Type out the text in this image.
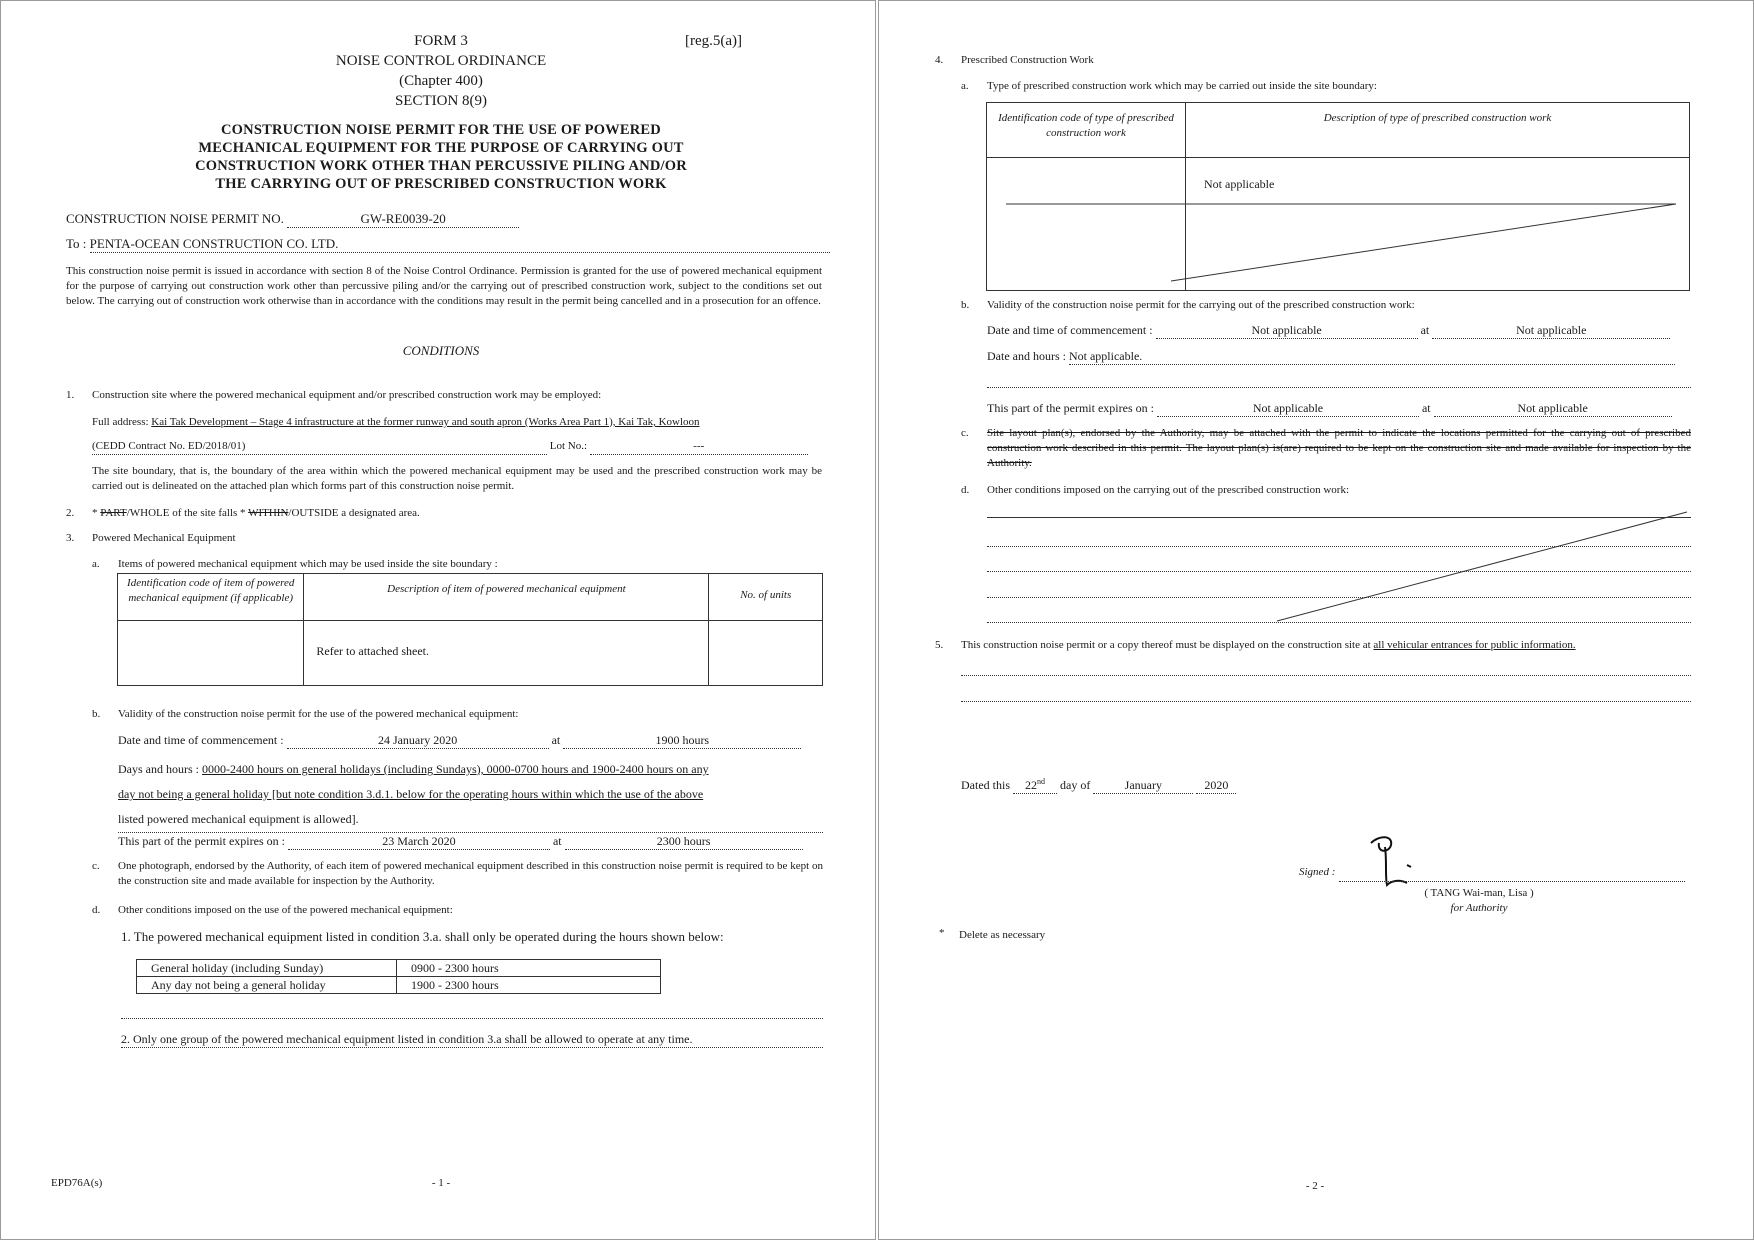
FORM 3	[reg.5(a)]
NOISE CONTROL ORDINANCE
(Chapter 400)
SECTION 8(9)
CONSTRUCTION NOISE PERMIT FOR THE USE OF POWERED
MECHANICAL EQUIPMENT FOR THE PURPOSE OF CARRYING OUT
CONSTRUCTION WORK OTHER THAN PERCUSSIVE PILING AND/OR
THE CARRYING OUT OF PRESCRIBED CONSTRUCTION WORK
CONSTRUCTION NOISE PERMIT NO.	GW-RE0039-20
To : PENTA-OCEAN CONSTRUCTION CO. LTD.
This construction noise permit is issued in accordance with section 8 of the Noise Control Ordinance. Permission is granted for the use of powered mechanical equipment for the purpose of carrying out construction work other than percussive piling and/or the carrying out of prescribed construction work, subject to the conditions set out below. The carrying out of construction work otherwise than in accordance with the conditions may result in the permit being cancelled and in a prosecution for an offence.
CONDITIONS
1. Construction site where the powered mechanical equipment and/or prescribed construction work may be employed:
Full address: Kai Tak Development – Stage 4 infrastructure at the former runway and south apron (Works Area Part 1), Kai Tak, Kowloon
(CEDD Contract No. ED/2018/01)	Lot No.:	---
The site boundary, that is, the boundary of the area within which the powered mechanical equipment may be used and the prescribed construction work may be carried out is delineated on the attached plan which forms part of this construction noise permit.
2. * PART/WHOLE of the site falls * WITHIN/OUTSIDE a designated area.
3. Powered Mechanical Equipment
a. Items of powered mechanical equipment which may be used inside the site boundary :
Identification code of item of powered mechanical equipment (if applicable)	Description of item of powered mechanical equipment	No. of units
	Refer to attached sheet.	
b. Validity of the construction noise permit for the use of the powered mechanical equipment:
Date and time of commencement :	24 January 2020	at	1900 hours
Days and hours : 0000-2400 hours on general holidays (including Sundays), 0000-0700 hours and 1900-2400 hours on any
day not being a general holiday [but note condition 3.d.1. below for the operating hours within which the use of the above
listed powered mechanical equipment is allowed].
This part of the permit expires on :	23 March 2020	at	2300 hours
c. One photograph, endorsed by the Authority, of each item of powered mechanical equipment described in this construction noise permit is required to be kept on the construction site and made available for inspection by the Authority.
d. Other conditions imposed on the use of the powered mechanical equipment:
1. The powered mechanical equipment listed in condition 3.a. shall only be operated during the hours shown below:
General holiday (including Sunday)	0900 - 2300 hours
Any day not being a general holiday	1900 - 2300 hours
2. Only one group of the powered mechanical equipment listed in condition 3.a shall be allowed to operate at any time.
EPD76A(s)	- 1 -
4. Prescribed Construction Work
a. Type of prescribed construction work which may be carried out inside the site boundary:
Identification code of type of prescribed construction work	Description of type of prescribed construction work
	Not applicable
b. Validity of the construction noise permit for the carrying out of the prescribed construction work:
Date and time of commencement :	Not applicable	at	Not applicable
Date and hours : Not applicable.
This part of the permit expires on :	Not applicable	at	Not applicable
c. Site layout plan(s), endorsed by the Authority, may be attached with the permit to indicate the locations permitted for the carrying out of prescribed construction work described in this permit. The layout plan(s) is(are) required to be kept on the construction site and made available for inspection by the Authority.
d. Other conditions imposed on the carrying out of the prescribed construction work:
5. This construction noise permit or a copy thereof must be displayed on the construction site at all vehicular entrances for public information.
Dated this 22nd day of	January	2020
Signed :
( TANG Wai-man, Lisa )
for Authority
* Delete as necessary
- 2 -
